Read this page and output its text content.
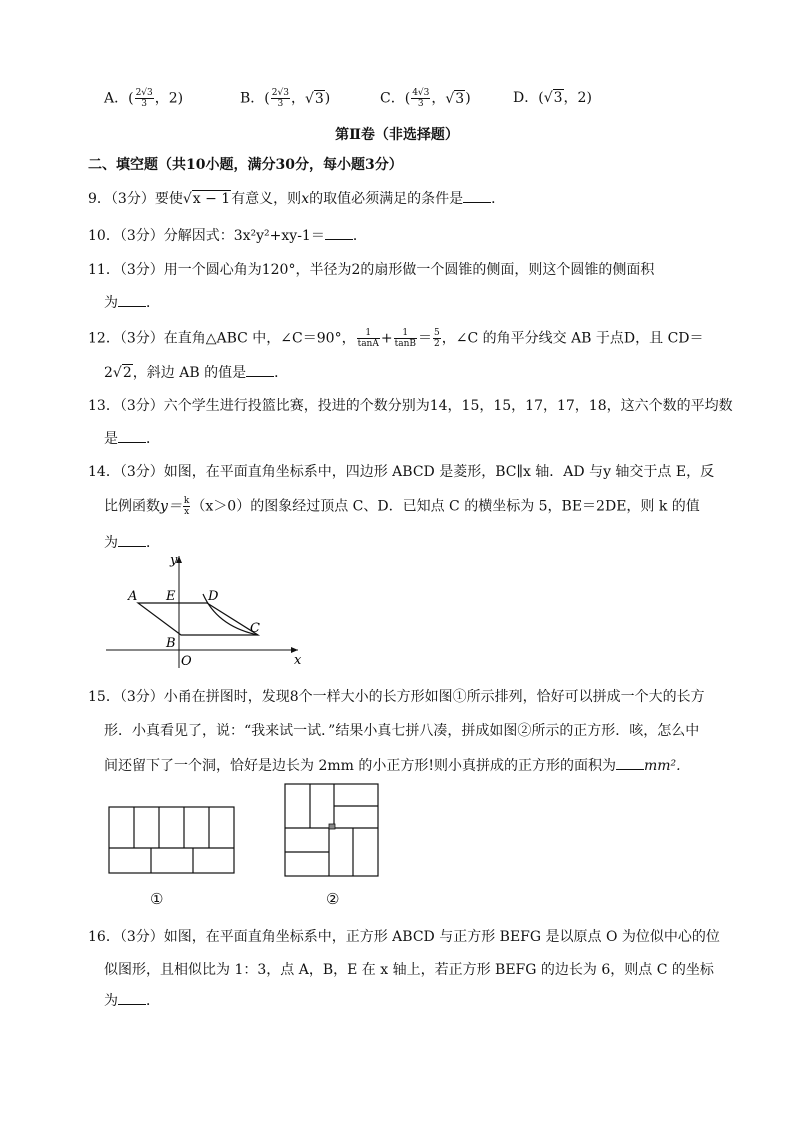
A．( $\frac{2√3}{3}$ ，2)	B．( $\frac{2√3}{3}$ ，√3)	C．( $\frac{4√3}{3}$ ，√3)	D．(√3，2)
第Ⅱ卷（非选择题）
二、填空题（共10小题，满分30分，每小题3分）
9．（3分）要使√x − 1有意义，则x的取值必须满足的条件是 ．
10．（3分）分解因式：3x²y²+xy-1＝ ．
11．（3分）用一个圆心角为120°，半径为2的扇形做一个圆锥的侧面，则这个圆锥的侧面积
为 ．
12．（3分）在直角△ABC 中，∠C＝90°， $\frac{1}{\tan A} + \frac{1}{\tan B} = \frac{5}{2}$ ，∠C 的角平分线交 AB 于点D，且 CD＝
2√2，斜边 AB 的值是 ．
13．（3分）六个学生进行投篮比赛，投进的个数分别为14，15，15，17，17，18，这六个数的平均数
是 ．
14．（3分）如图，在平面直角坐标系中，四边形 ABCD 是菱形，BC∥x 轴．AD 与y 轴交于点 E，反
比例函数$y= \frac{k}{x} (x>0)$的图象经过顶点 C、D．已知点 C 的横坐标为 5，BE＝2DE，则 k 的值
为 ．
A E	D
C
B
O	x
y
15．（3分）小甬在拼图时，发现8个一样大小的长方形如图①所示排列，恰好可以拼成一个大的长方
形．小真看见了，说：“我来试一试．”结果小真七拼八凑，拼成如图②所示的正方形．咳，怎么中
间还留下了一个洞，恰好是边长为 2mm 的小正方形!则小真拼成的正方形的面积为 mm².
①	②
16．（3分）如图，在平面直角坐标系中，正方形 ABCD 与正方形 BEFG 是以原点 O 为位似中心的位
似图形，且相似比为 1：3，点 A，B，E 在 x 轴上，若正方形 BEFG 的边长为 6，则点 C 的坐标
为 ．
